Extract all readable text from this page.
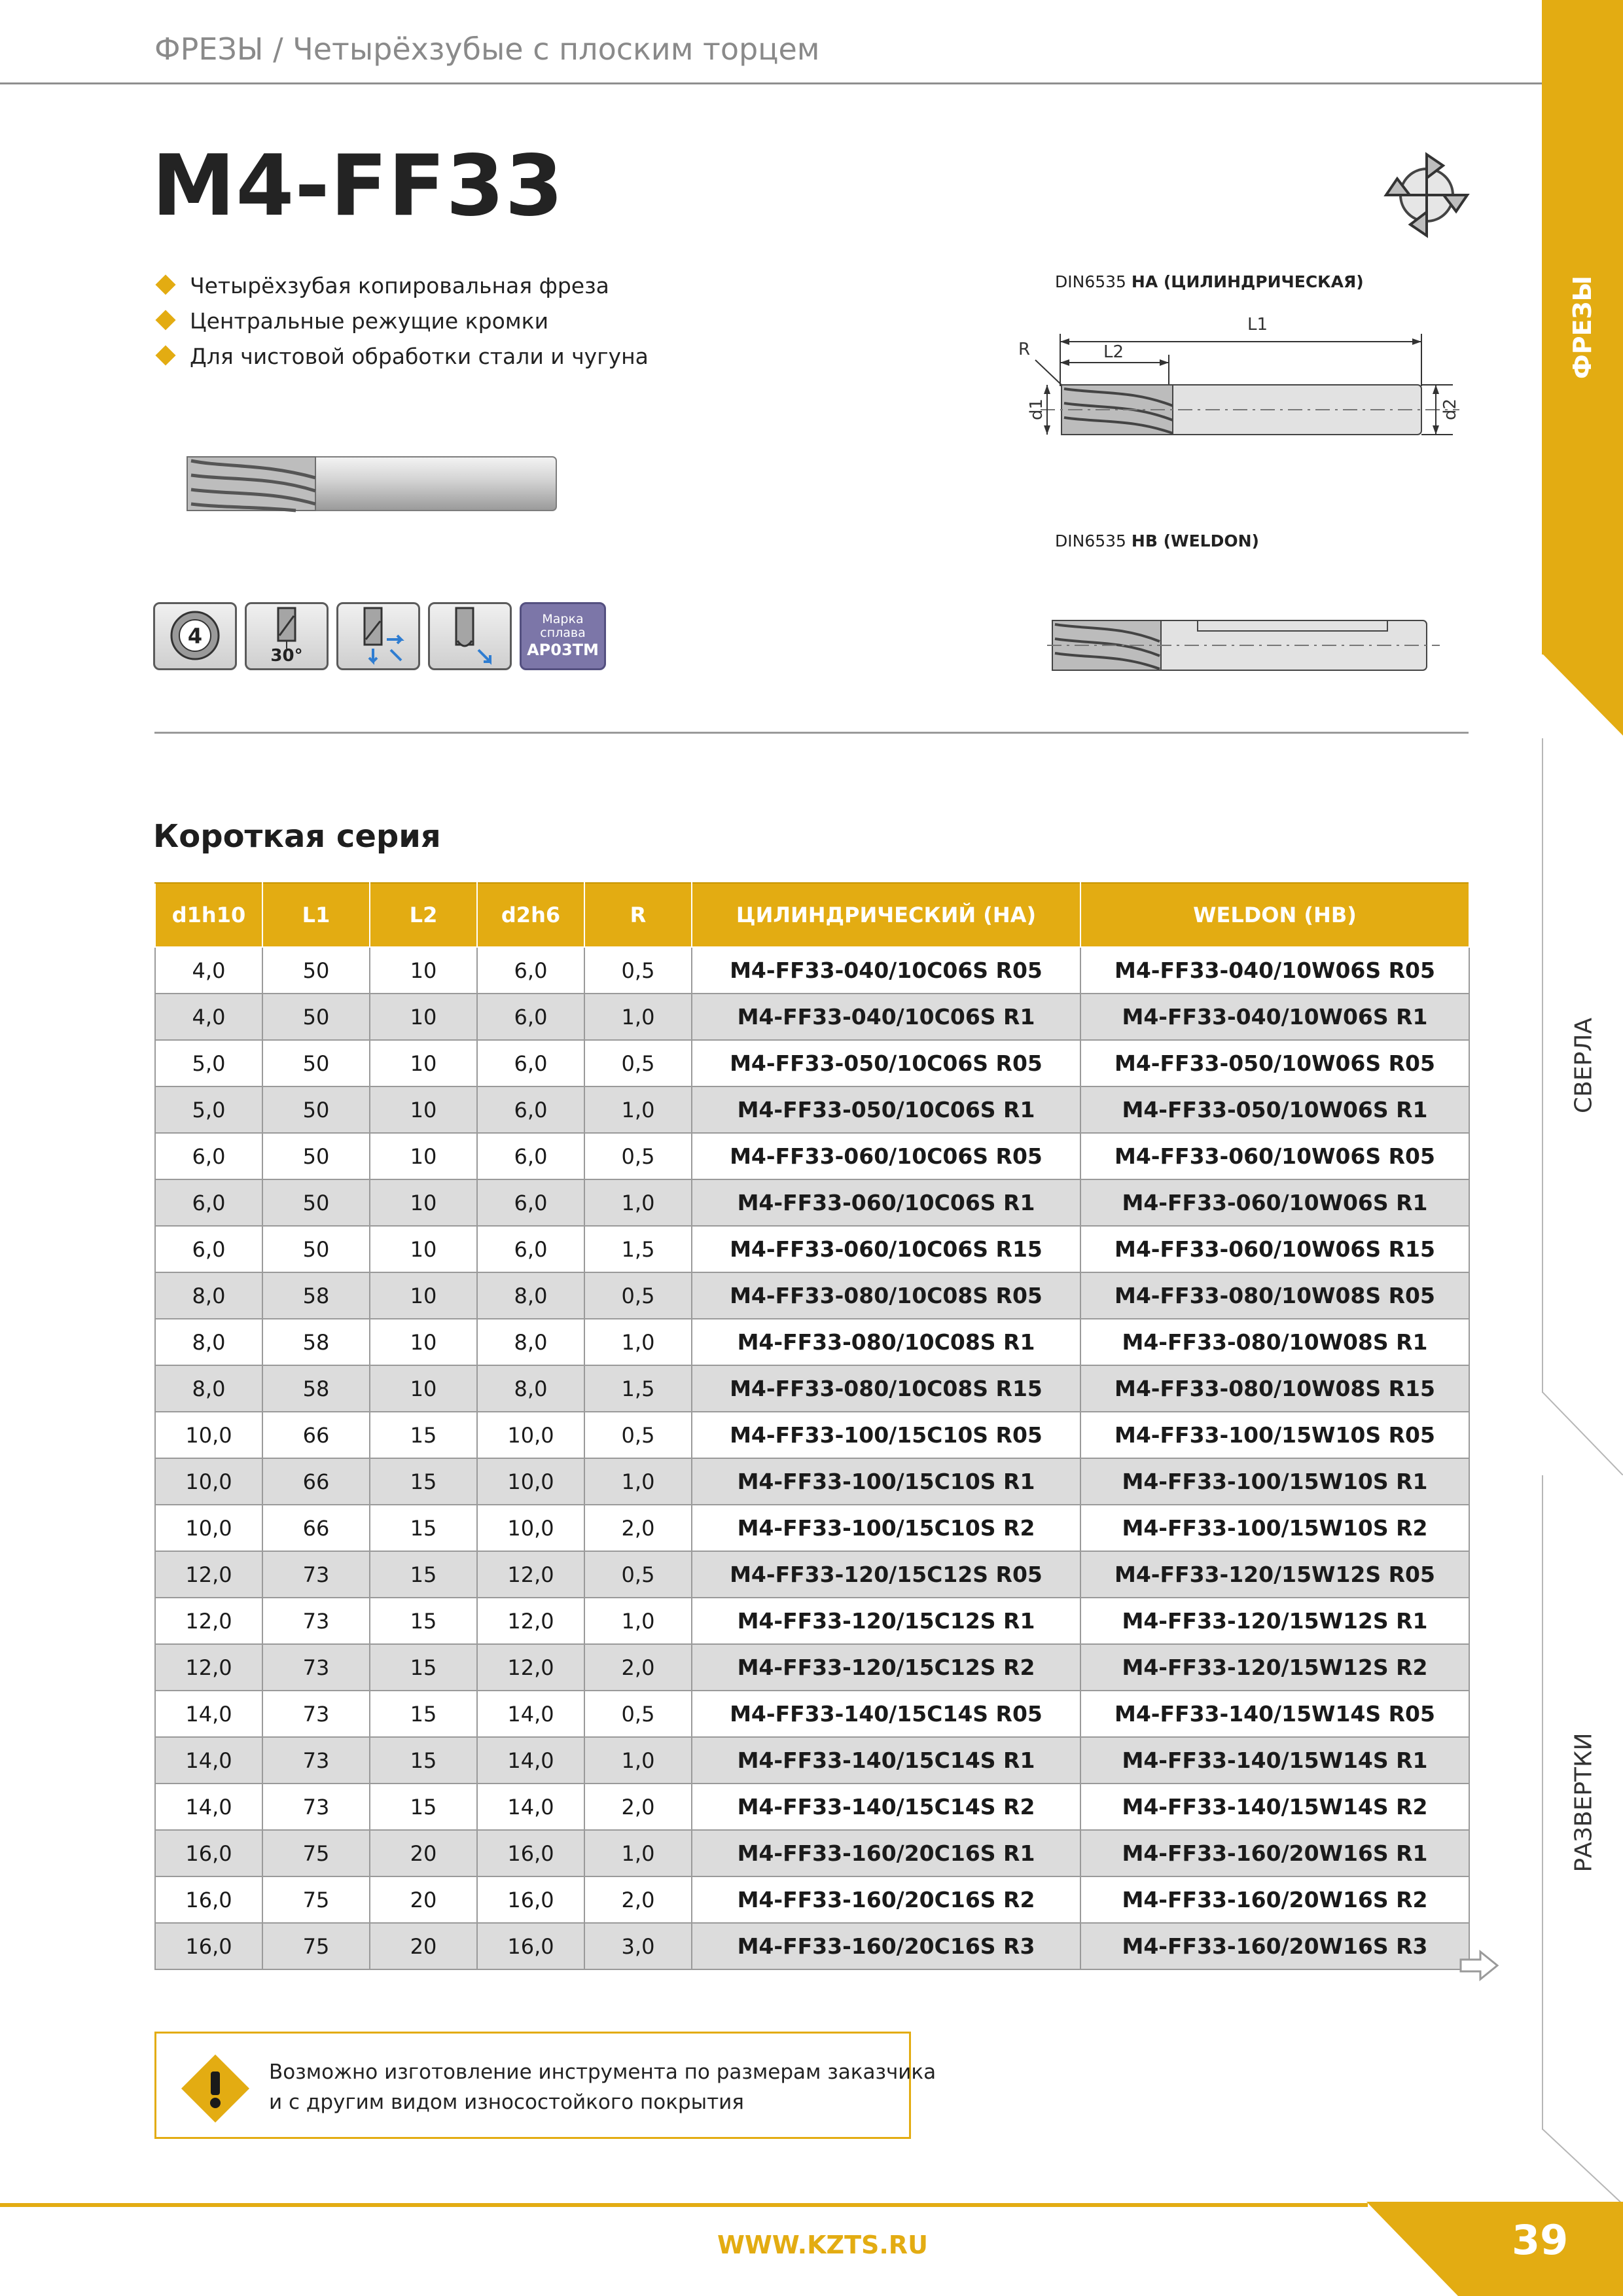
ФРЕЗЫ / Четырёхзубые с плоским торцем
ФРЕЗЫ
СВЕРЛА
РАЗВЕРТКИ
M4-FF33
Четырёхзубая копировальная фреза
Центральные режущие кромки
Для чистовой обработки стали и чугуна
4
30°
Марка
сплава
AP03TM
DIN6535 HA (ЦИЛИНДРИЧЕСКАЯ)
L1
L2
R
d1	d2
DIN6535 HB (WELDON)
Короткая серия
d1h10	L1	L2	d2h6	R	ЦИЛИНДРИЧЕСКИЙ (HA)	WELDON (HB)
4,0	50	10	6,0	0,5	M4-FF33-040/10C06S R05	M4-FF33-040/10W06S R05
4,0	50	10	6,0	1,0	M4-FF33-040/10C06S R1	M4-FF33-040/10W06S R1
5,0	50	10	6,0	0,5	M4-FF33-050/10C06S R05	M4-FF33-050/10W06S R05
5,0	50	10	6,0	1,0	M4-FF33-050/10C06S R1	M4-FF33-050/10W06S R1
6,0	50	10	6,0	0,5	M4-FF33-060/10C06S R05	M4-FF33-060/10W06S R05
6,0	50	10	6,0	1,0	M4-FF33-060/10C06S R1	M4-FF33-060/10W06S R1
6,0	50	10	6,0	1,5	M4-FF33-060/10C06S R15	M4-FF33-060/10W06S R15
8,0	58	10	8,0	0,5	M4-FF33-080/10C08S R05	M4-FF33-080/10W08S R05
8,0	58	10	8,0	1,0	M4-FF33-080/10C08S R1	M4-FF33-080/10W08S R1
8,0	58	10	8,0	1,5	M4-FF33-080/10C08S R15	M4-FF33-080/10W08S R15
10,0	66	15	10,0	0,5	M4-FF33-100/15C10S R05	M4-FF33-100/15W10S R05
10,0	66	15	10,0	1,0	M4-FF33-100/15C10S R1	M4-FF33-100/15W10S R1
10,0	66	15	10,0	2,0	M4-FF33-100/15C10S R2	M4-FF33-100/15W10S R2
12,0	73	15	12,0	0,5	M4-FF33-120/15C12S R05	M4-FF33-120/15W12S R05
12,0	73	15	12,0	1,0	M4-FF33-120/15C12S R1	M4-FF33-120/15W12S R1
12,0	73	15	12,0	2,0	M4-FF33-120/15C12S R2	M4-FF33-120/15W12S R2
14,0	73	15	14,0	0,5	M4-FF33-140/15C14S R05	M4-FF33-140/15W14S R05
14,0	73	15	14,0	1,0	M4-FF33-140/15C14S R1	M4-FF33-140/15W14S R1
14,0	73	15	14,0	2,0	M4-FF33-140/15C14S R2	M4-FF33-140/15W14S R2
16,0	75	20	16,0	1,0	M4-FF33-160/20C16S R1	M4-FF33-160/20W16S R1
16,0	75	20	16,0	2,0	M4-FF33-160/20C16S R2	M4-FF33-160/20W16S R2
16,0	75	20	16,0	3,0	M4-FF33-160/20C16S R3	M4-FF33-160/20W16S R3
Возможно изготовление инструмента по размерам заказчика
и с другим видом износостойкого покрытия
WWW.KZTS.RU	39
